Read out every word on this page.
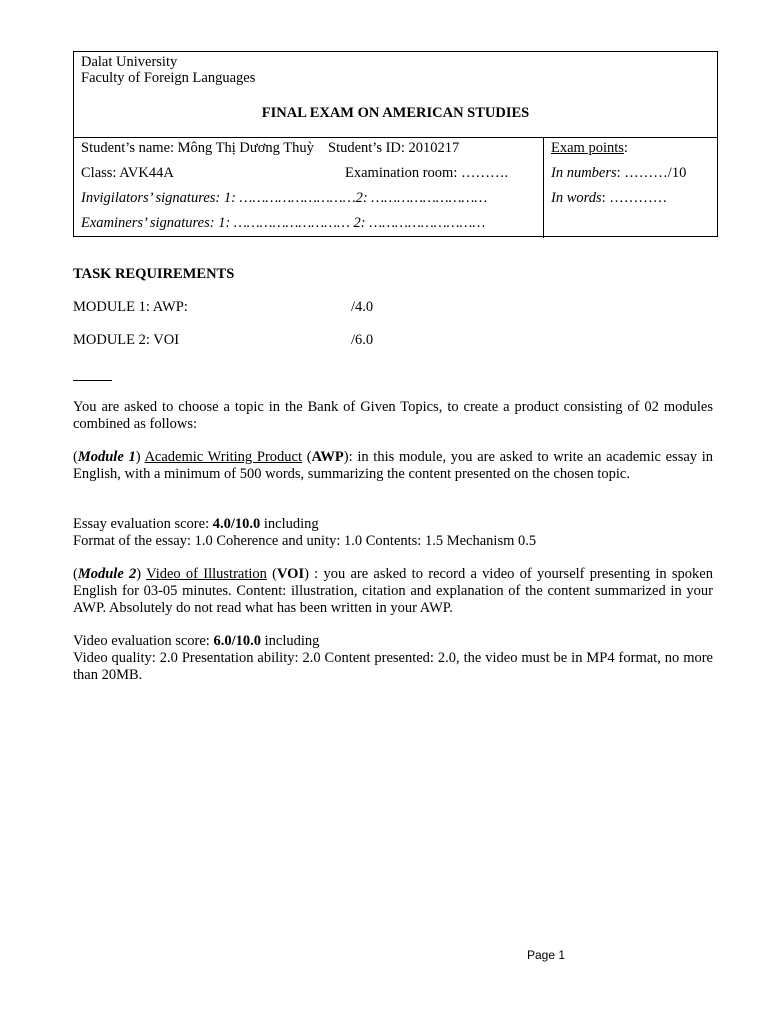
Dalat University
Faculty of Foreign Languages
FINAL EXAM ON AMERICAN STUDIES
Student’s name: Mông Thị Dương Thuỳ Student’s ID: 2010217
Class: AVK44A	Examination room: ……….
Invigilators’ signatures: 1: ………………………2: ………………………
Examiners’ signatures: 1: ……………………… 2: ………………………
Exam points:
In numbers: ………/10
In words: …………
TASK REQUIREMENTS
MODULE 1: AWP:	/4.0
MODULE 2: VOI	/6.0
You are asked to choose a topic in the Bank of Given Topics, to create a product consisting of 02 modules combined as follows:
(Module 1) Academic Writing Product (AWP): in this module, you are asked to write an academic essay in English, with a minimum of 500 words, summarizing the content presented on the chosen topic.
Essay evaluation score: 4.0/10.0 including
Format of the essay: 1.0 Coherence and unity: 1.0 Contents: 1.5 Mechanism 0.5
(Module 2) Video of Illustration (VOI) : you are asked to record a video of yourself presenting in spoken English for 03-05 minutes. Content: illustration, citation and explanation of the content summarized in your AWP. Absolutely do not read what has been written in your AWP.
Video evaluation score: 6.0/10.0 including
Video quality: 2.0 Presentation ability: 2.0 Content presented: 2.0, the video must be in MP4 format, no more than 20MB.
Page 1
